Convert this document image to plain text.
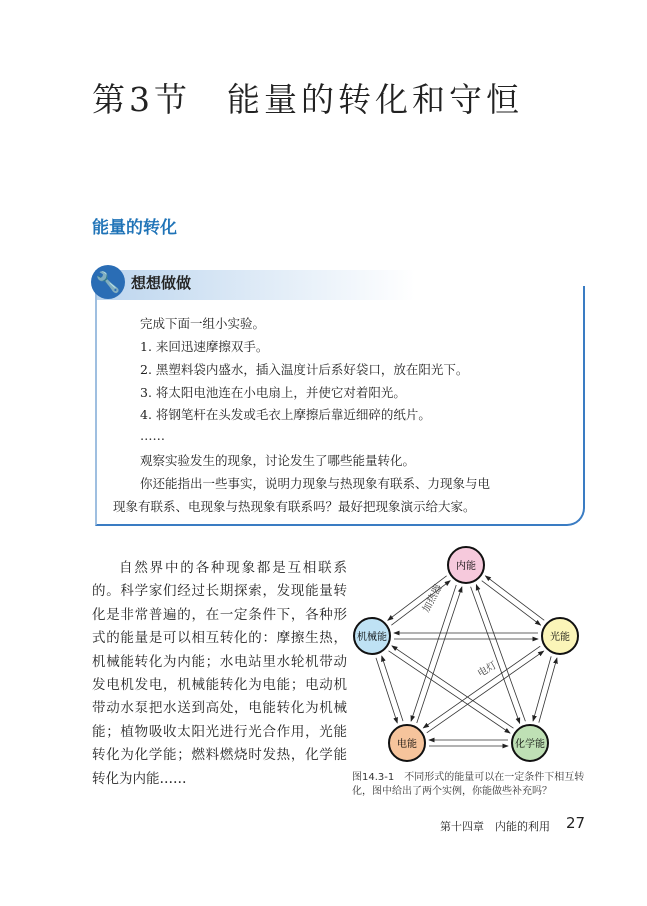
第3节 能量的转化和守恒
能量的转化
🔧 想想做做
完成下面一组小实验。
1. 来回迅速摩擦双手。
2. 黑塑料袋内盛水，插入温度计后系好袋口，放在阳光下。
3. 将太阳电池连在小电扇上，并使它对着阳光。
4. 将钢笔杆在头发或毛衣上摩擦后靠近细碎的纸片。
……
观察实验发生的现象，讨论发生了哪些能量转化。
你还能指出一些事实，说明力现象与热现象有联系、力现象与电
现象有联系、电现象与热现象有联系吗？最好把现象演示给大家。
自然界中的各种现象都是互相联系的。科学家们经过长期探索，发现能量转化是非常普遍的，在一定条件下，各种形式的能量是可以相互转化的：摩擦生热，机械能转化为内能；水电站里水轮机带动发电机发电，机械能转化为电能；电动机带动水泵把水送到高处，电能转化为机械能；植物吸收太阳光进行光合作用，光能转化为化学能；燃料燃烧时发热，化学能转化为内能……
内能
光能
化学能
电能
机械能
加热器
电灯
图14.3-1　不同形式的能量可以在一定条件下相互转化，图中给出了两个实例，你能做些补充吗？
第十四章　内能的利用 27
